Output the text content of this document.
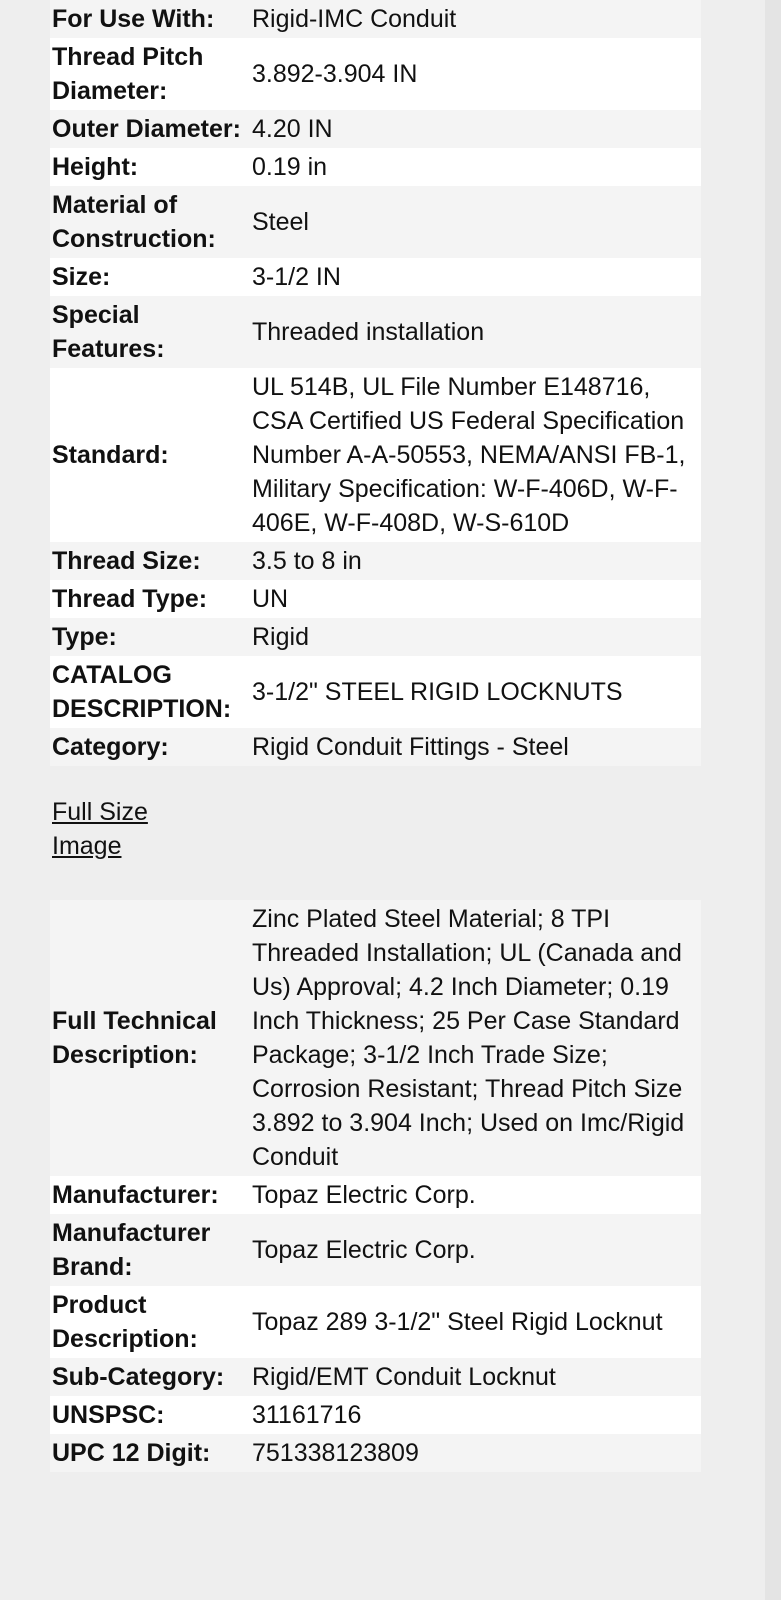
For Use With:	Rigid-IMC Conduit
Thread Pitch Diameter:	3.892-3.904 IN
Outer Diameter:	4.20 IN
Height:	0.19 in
Material of Construction:	Steel
Size:	3-1/2 IN
Special Features:	Threaded installation
Standard:	UL 514B, UL File Number E148716, CSA Certified US Federal Specification Number A-A-50553, NEMA/ANSI FB-1, Military Specification: W-F-406D, W-F-406E, W-F-408D, W-S-610D
Thread Size:	3.5 to 8 in
Thread Type:	UN
Type:	Rigid
CATALOG DESCRIPTION:	3-1/2" STEEL RIGID LOCKNUTS
Category:	Rigid Conduit Fittings - Steel
Full Size Image
Full Technical Description:	Zinc Plated Steel Material; 8 TPI Threaded Installation; UL (Canada and Us) Approval; 4.2 Inch Diameter; 0.19 Inch Thickness; 25 Per Case Standard Package; 3-1/2 Inch Trade Size; Corrosion Resistant; Thread Pitch Size 3.892 to 3.904 Inch; Used on Imc/Rigid Conduit
Manufacturer:	Topaz Electric Corp.
Manufacturer Brand:	Topaz Electric Corp.
Product Description:	Topaz 289 3-1/2" Steel Rigid Locknut
Sub-Category:	Rigid/EMT Conduit Locknut
UNSPSC:	31161716
UPC 12 Digit:	751338123809
